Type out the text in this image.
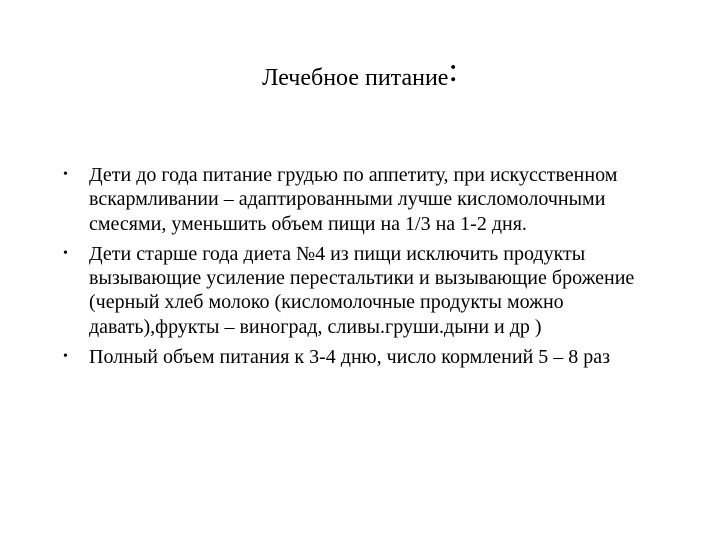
Лечебное питание:
• Дети до года питание грудью по аппетиту, при искусственном вскармливании – адаптированными лучше кисломолочными смесями, уменьшить объем пищи на 1/3 на 1-2 дня.
• Дети старше года диета №4 из пищи исключить продукты вызывающие усиление перестальтики и вызывающие брожение (черный хлеб молоко (кисломолочные продукты можно давать),фрукты – виноград, сливы.груши.дыни и др )
• Полный объем питания к 3-4 дню, число кормлений 5 – 8 раз
